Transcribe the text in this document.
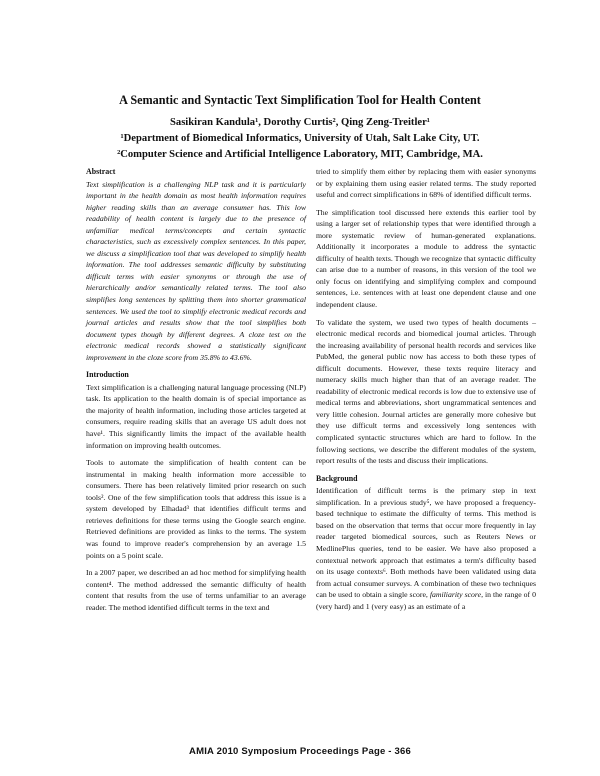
A Semantic and Syntactic Text Simplification Tool for Health Content
Sasikiran Kandula¹, Dorothy Curtis², Qing Zeng-Treitler¹
¹Department of Biomedical Informatics, University of Utah, Salt Lake City, UT.
²Computer Science and Artificial Intelligence Laboratory, MIT, Cambridge, MA.
Abstract

Text simplification is a challenging NLP task and it is particularly important in the health domain as most health information requires higher reading skills than an average consumer has. This low readability of health content is largely due to the presence of unfamiliar medical terms/concepts and certain syntactic characteristics, such as excessively complex sentences. In this paper, we discuss a simplification tool that was developed to simplify health information. The tool addresses semantic difficulty by substituting difficult terms with easier synonyms or through the use of hierarchically and/or semantically related terms. The tool also simplifies long sentences by splitting them into shorter grammatical sentences. We used the tool to simplify electronic medical records and journal articles and results show that the tool simplifies both document types though by different degrees. A cloze test on the electronic medical records showed a statistically significant improvement in the cloze score from 35.8% to 43.6%.

Introduction

Text simplification is a challenging natural language processing (NLP) task. Its application to the health domain is of special importance as the majority of health information, including those articles targeted at consumers, require reading skills that an average US adult does not have¹. This significantly limits the impact of the available health information on improving health outcomes.

Tools to automate the simplification of health content can be instrumental in making health information more accessible to consumers. There has been relatively limited prior research on such tools². One of the few simplification tools that address this issue is a system developed by Elhadad³ that identifies difficult terms and retrieves definitions for these terms using the Google search engine. Retrieved definitions are provided as links to the terms. The system was found to improve reader's comprehension by an average 1.5 points on a 5 point scale.

In a 2007 paper, we described an ad hoc method for simplifying health content⁴. The method addressed the semantic difficulty of health content that results from the use of terms unfamiliar to an average reader. The method identified difficult terms in the text and

tried to simplify them either by replacing them with easier synonyms or by explaining them using easier related terms. The study reported useful and correct simplifications in 68% of identified difficult terms.

The simplification tool discussed here extends this earlier tool by using a larger set of relationship types that were identified through a more systematic review of human-generated explanations. Additionally it incorporates a module to address the syntactic difficulty of health texts. Though we recognize that syntactic difficulty can arise due to a number of reasons, in this version of the tool we only focus on identifying and simplifying complex and compound sentences, i.e. sentences with at least one dependent clause and one independent clause.

To validate the system, we used two types of health documents – electronic medical records and biomedical journal articles. Through the increasing availability of personal health records and services like PubMed, the general public now has access to both these types of difficult documents. However, these texts require literacy and numeracy skills much higher than that of an average reader. The readability of electronic medical records is low due to extensive use of medical terms and abbreviations, short ungrammatical sentences and very little cohesion. Journal articles are generally more cohesive but they use difficult terms and excessively long sentences with complicated syntactic structures which are hard to follow. In the following sections, we describe the different modules of the system, report results of the tests and discuss their implications.

Background

Identification of difficult terms is the primary step in text simplification. In a previous study⁵, we have proposed a frequency-based technique to estimate the difficulty of terms. This method is based on the observation that terms that occur more frequently in lay reader targeted biomedical sources, such as Reuters News or MedlinePlus queries, tend to be easier. We have also proposed a contextual network approach that estimates a term's difficulty based on its usage contexts⁶. Both methods have been validated using data from actual consumer surveys. A combination of these two techniques can be used to obtain a single score, familiarity score, in the range of 0 (very hard) and 1 (very easy) as an estimate of a

AMIA 2010 Symposium Proceedings Page - 366
